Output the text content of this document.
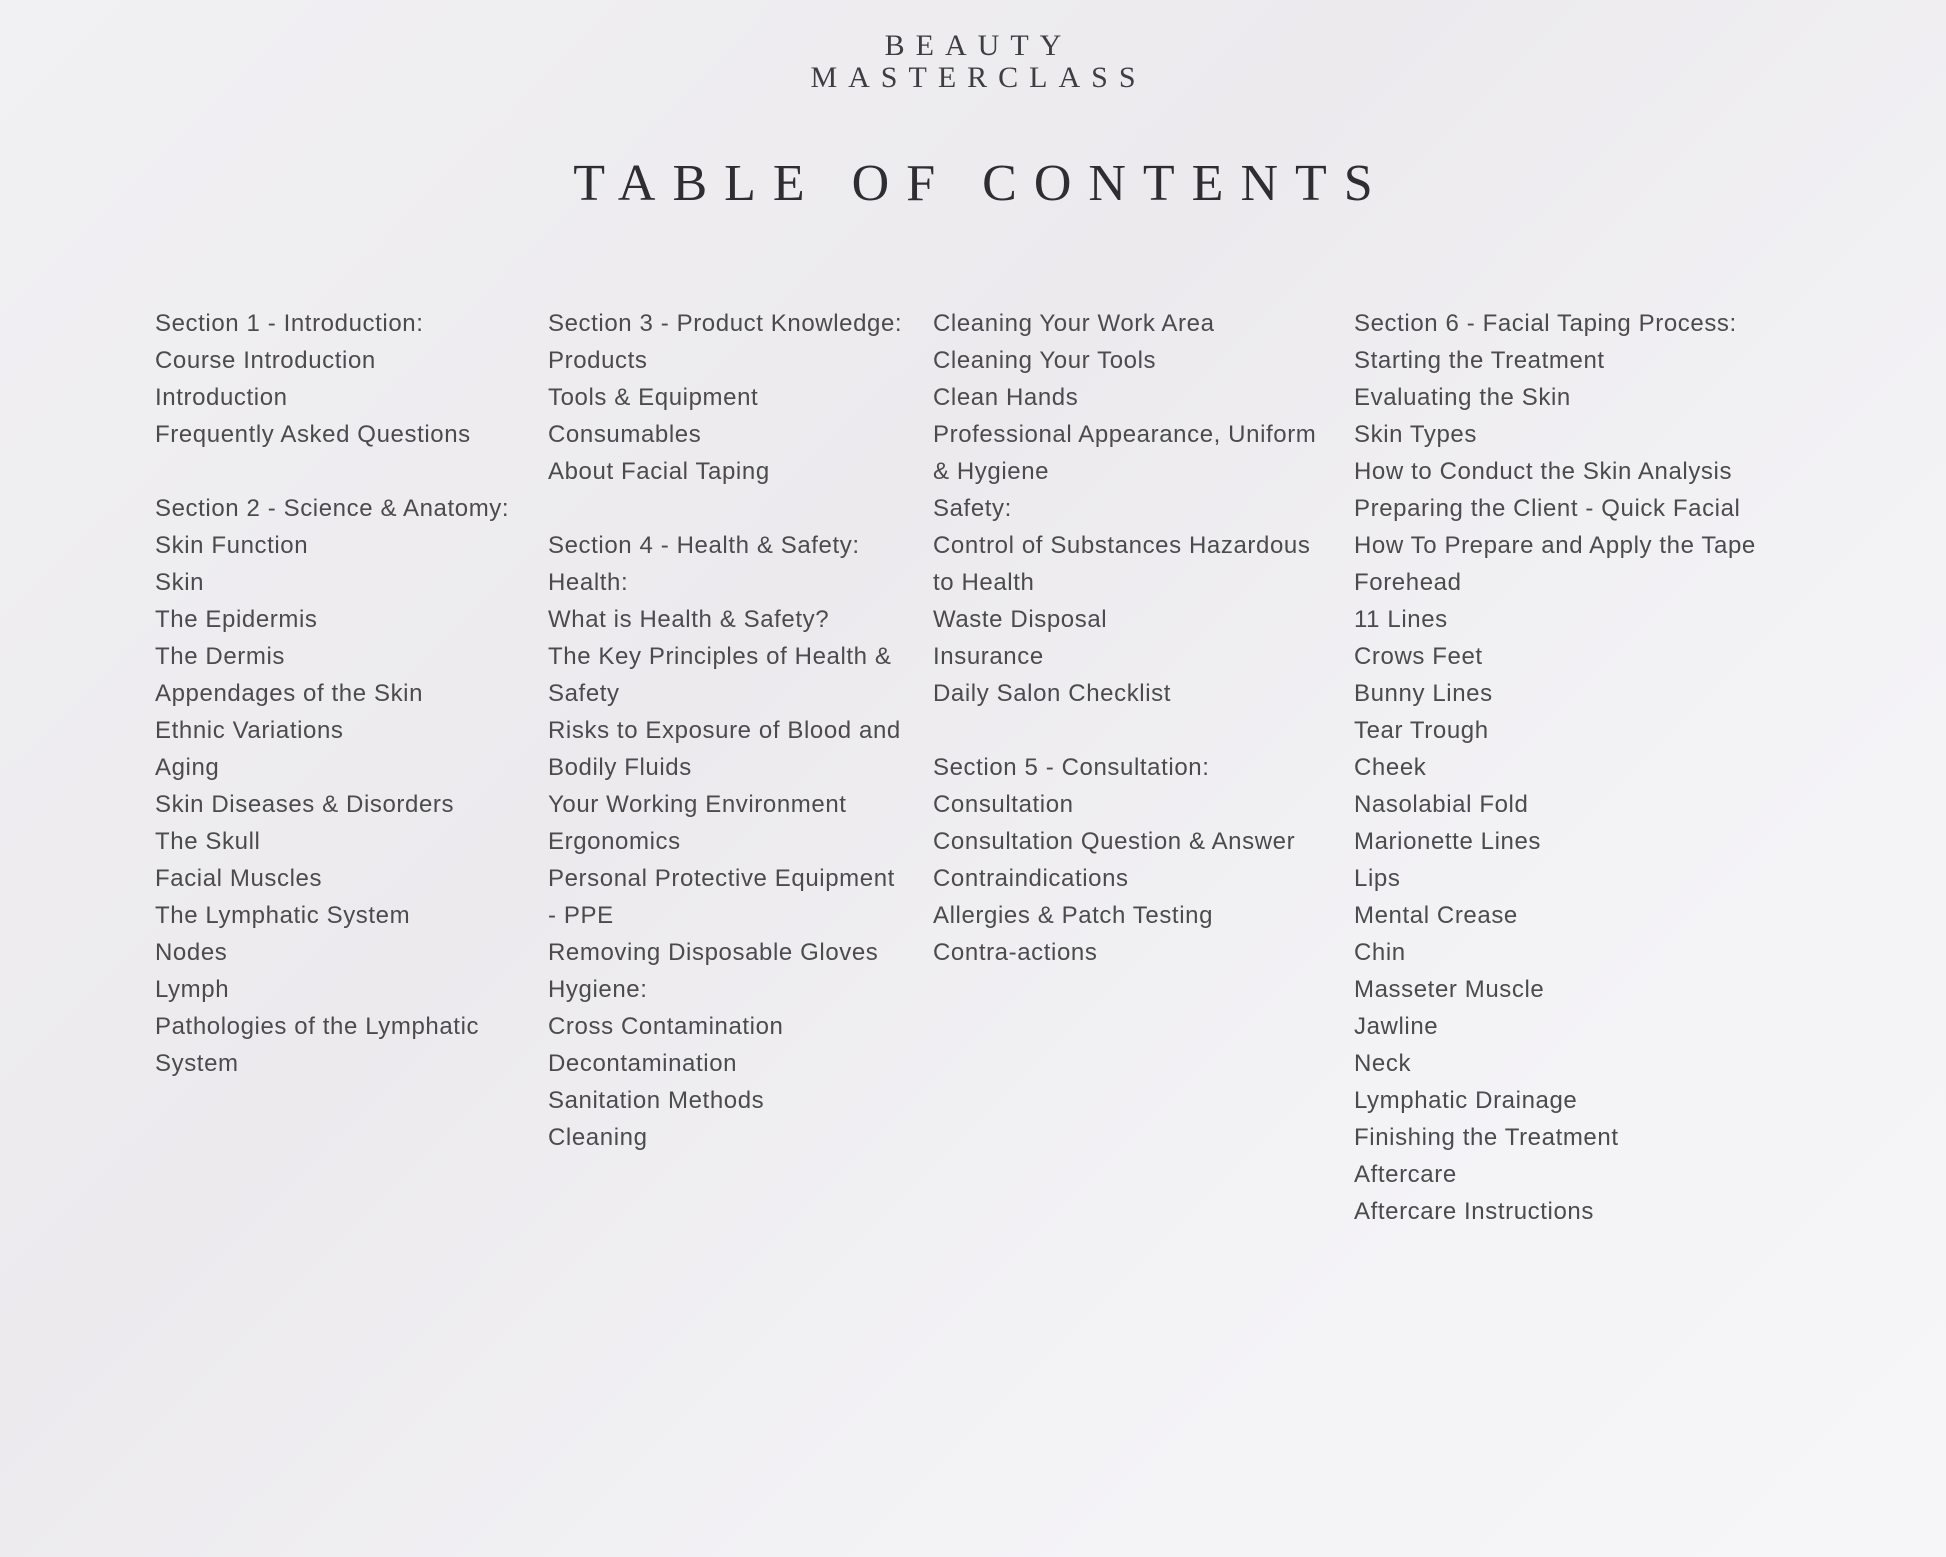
BEAUTY
MASTERCLASS
TABLE OF CONTENTS
Section 1 - Introduction:
Course Introduction
Introduction
Frequently Asked Questions
Section 2 - Science & Anatomy:
Skin Function
Skin
The Epidermis
The Dermis
Appendages of the Skin
Ethnic Variations
Aging
Skin Diseases & Disorders
The Skull
Facial Muscles
The Lymphatic System
Nodes
Lymph
Pathologies of the Lymphatic
System
Section 3 - Product Knowledge:
Products
Tools & Equipment
Consumables
About Facial Taping
Section 4 - Health & Safety:
Health:
What is Health & Safety?
The Key Principles of Health &
Safety
Risks to Exposure of Blood and
Bodily Fluids
Your Working Environment
Ergonomics
Personal Protective Equipment
- PPE
Removing Disposable Gloves
Hygiene:
Cross Contamination
Decontamination
Sanitation Methods
Cleaning
Cleaning Your Work Area
Cleaning Your Tools
Clean Hands
Professional Appearance, Uniform
& Hygiene
Safety:
Control of Substances Hazardous
to Health
Waste Disposal
Insurance
Daily Salon Checklist
Section 5 - Consultation:
Consultation
Consultation Question & Answer
Contraindications
Allergies & Patch Testing
Contra-actions
Section 6 - Facial Taping Process:
Starting the Treatment
Evaluating the Skin
Skin Types
How to Conduct the Skin Analysis
Preparing the Client - Quick Facial
How To Prepare and Apply the Tape
Forehead
11 Lines
Crows Feet
Bunny Lines
Tear Trough
Cheek
Nasolabial Fold
Marionette Lines
Lips
Mental Crease
Chin
Masseter Muscle
Jawline
Neck
Lymphatic Drainage
Finishing the Treatment
Aftercare
Aftercare Instructions
